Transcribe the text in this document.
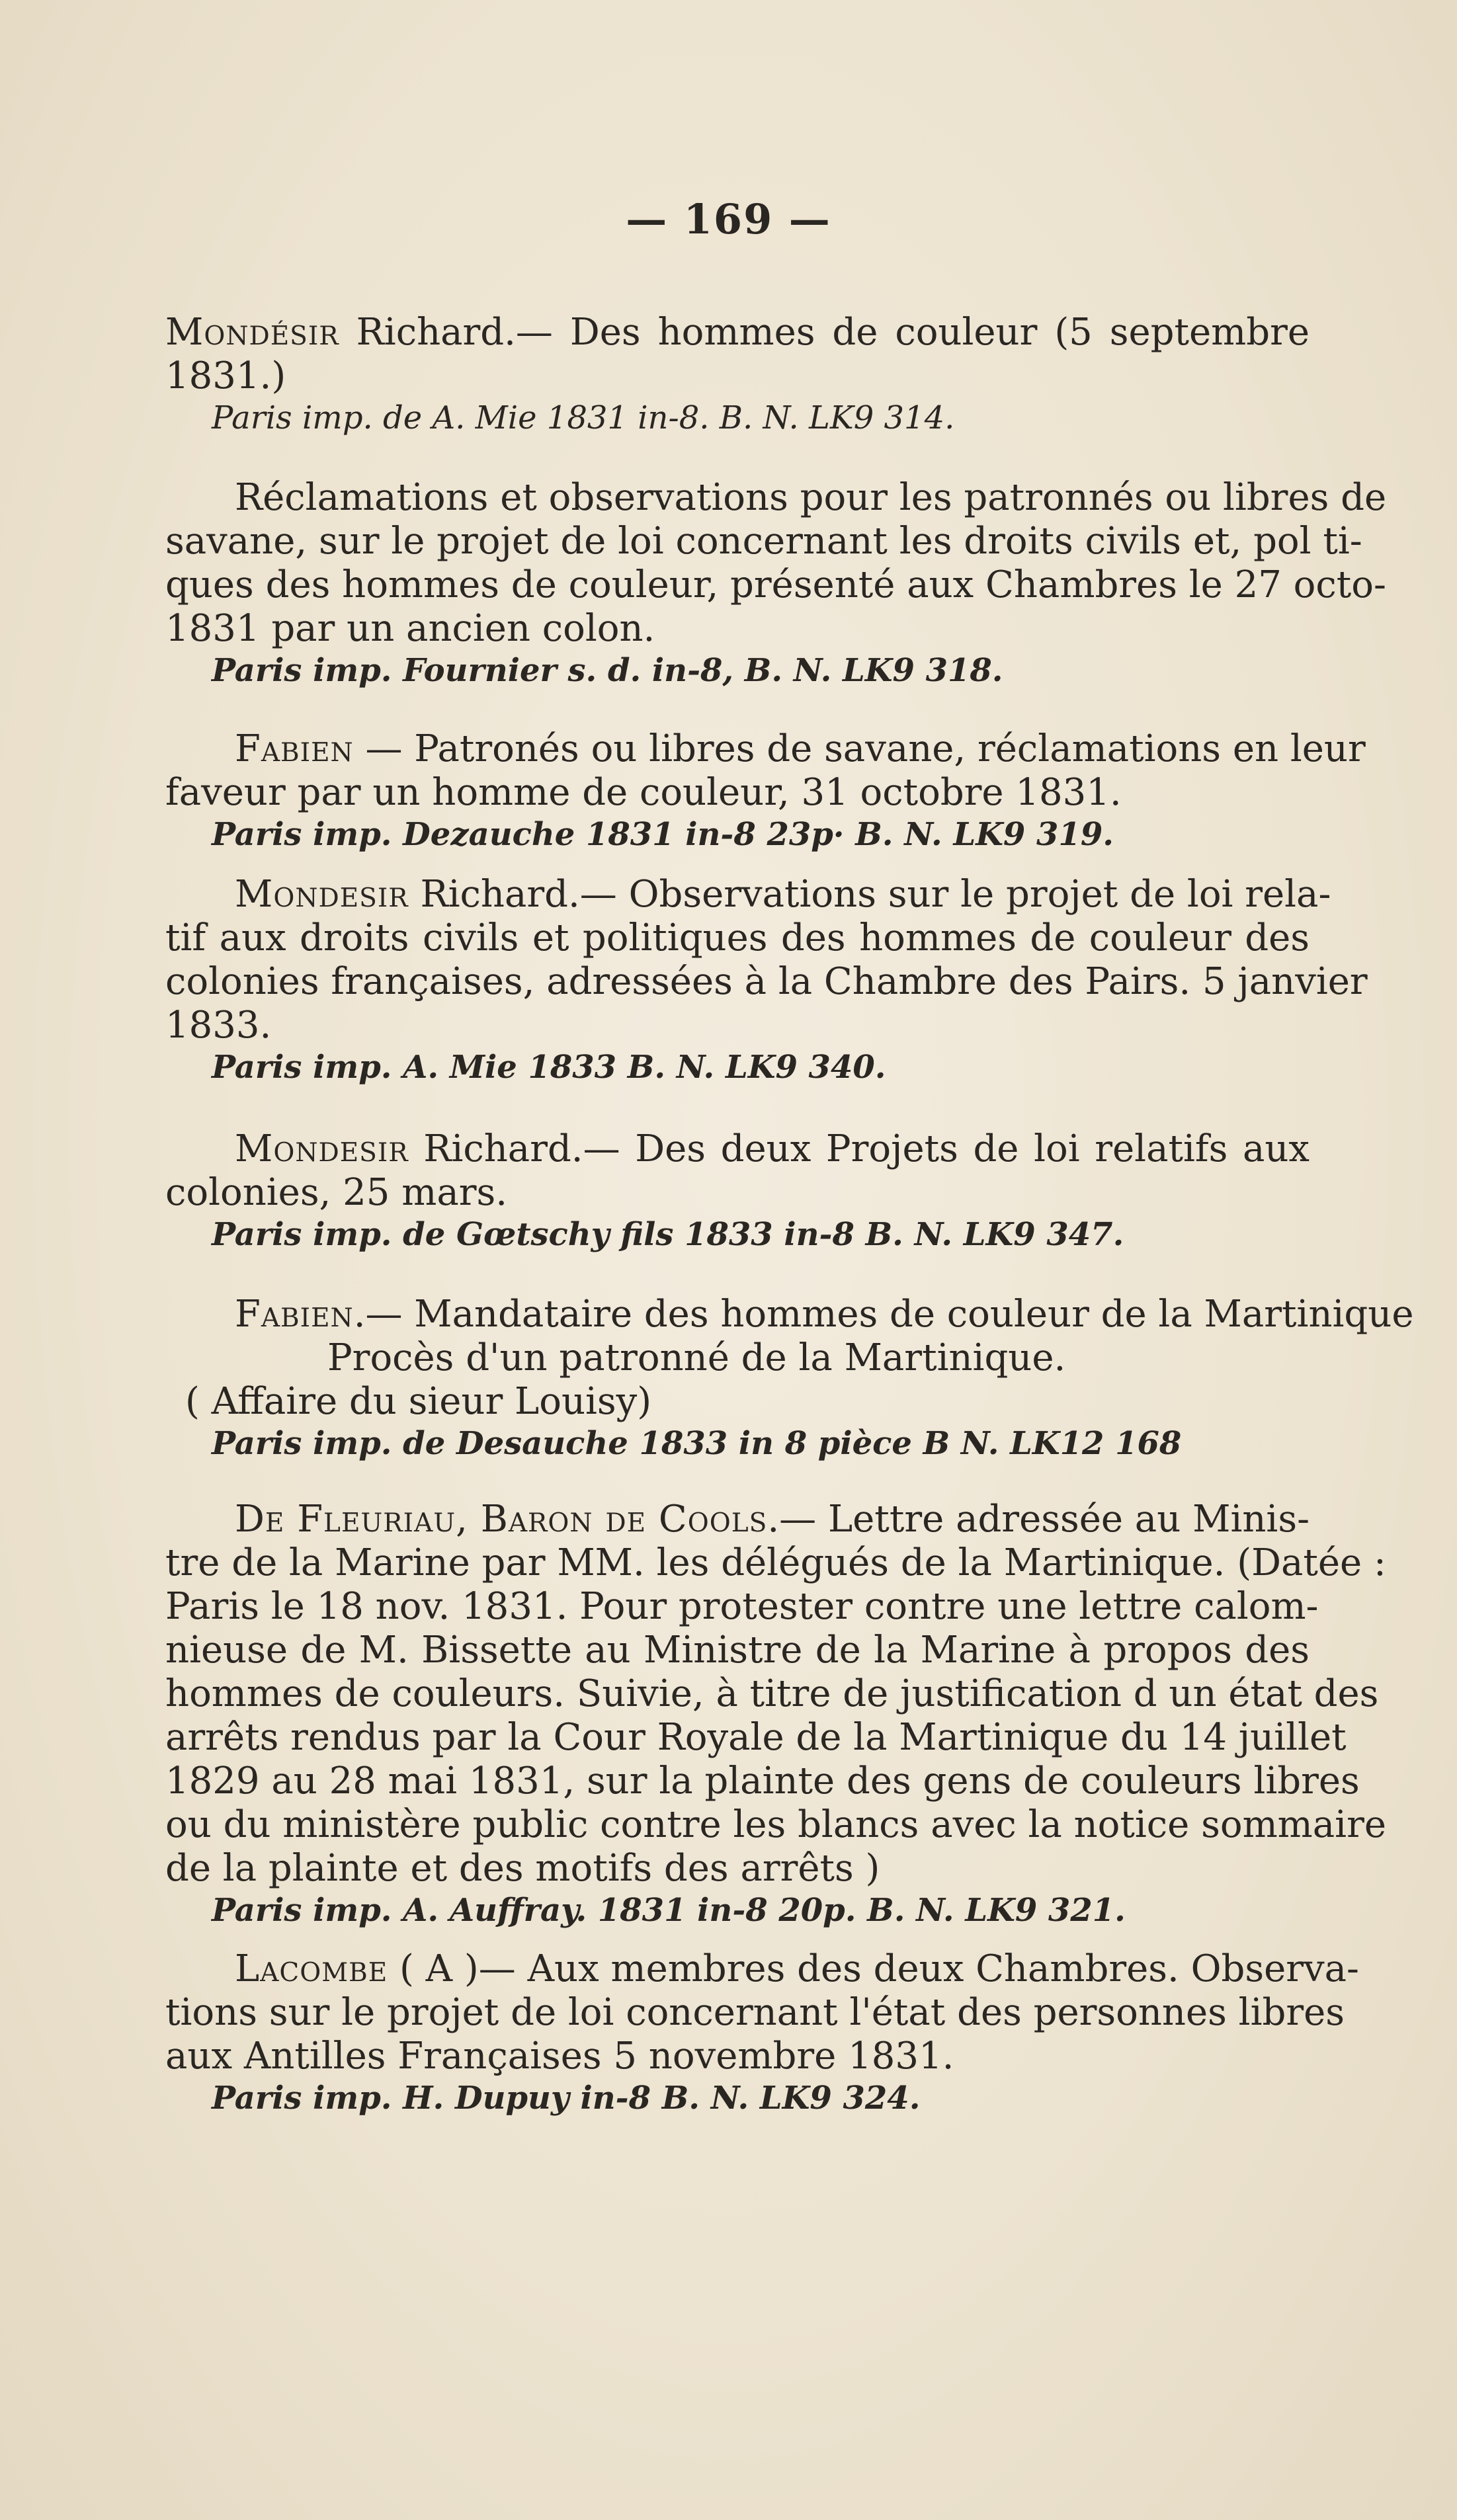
— 169 —
Mondésir Richard.— Des hommes de couleur (5 septembre
1831.)
Paris imp. de A. Mie 1831 in-8. B. N. LK9 314.
Réclamations et observations pour les patronnés ou libres de
savane, sur le projet de loi concernant les droits civils et, pol ti-
ques des hommes de couleur, présenté aux Chambres le 27 octo-
1831 par un ancien colon.
Paris imp. Fournier s. d. in-8, B. N. LK9 318.
Fabien — Patronés ou libres de savane, réclamations en leur
faveur par un homme de couleur, 31 octobre 1831.
Paris imp. Dezauche 1831 in-8 23p· B. N. LK9 319.
Mondesir Richard.— Observations sur le projet de loi rela-
tif aux droits civils et politiques des hommes de couleur des
colonies françaises, adressées à la Chambre des Pairs. 5 janvier
1833.
Paris imp. A. Mie 1833 B. N. LK9 340.
Mondesir Richard.— Des deux Projets de loi relatifs aux
colonies, 25 mars.
Paris imp. de Gœtschy fils 1833 in-8 B. N. LK9 347.
Fabien.— Mandataire des hommes de couleur de la Martinique
Procès d'un patronné de la Martinique.
( Affaire du sieur Louisy)
Paris imp. de Desauche 1833 in 8 pièce B N. LK12 168
De Fleuriau, Baron de Cools.— Lettre adressée au Minis-
tre de la Marine par MM. les délégués de la Martinique. (Datée :
Paris le 18 nov. 1831. Pour protester contre une lettre calom-
nieuse de M. Bissette au Ministre de la Marine à propos des
hommes de couleurs. Suivie, à titre de justification d un état des
arrêts rendus par la Cour Royale de la Martinique du 14 juillet
1829 au 28 mai 1831, sur la plainte des gens de couleurs libres
ou du ministère public contre les blancs avec la notice sommaire
de la plainte et des motifs des arrêts )
Paris imp. A. Auffray. 1831 in-8 20p. B. N. LK9 321.
Lacombe ( A )— Aux membres des deux Chambres. Observa-
tions sur le projet de loi concernant l'état des personnes libres
aux Antilles Françaises 5 novembre 1831.
Paris imp. H. Dupuy in-8 B. N. LK9 324.
